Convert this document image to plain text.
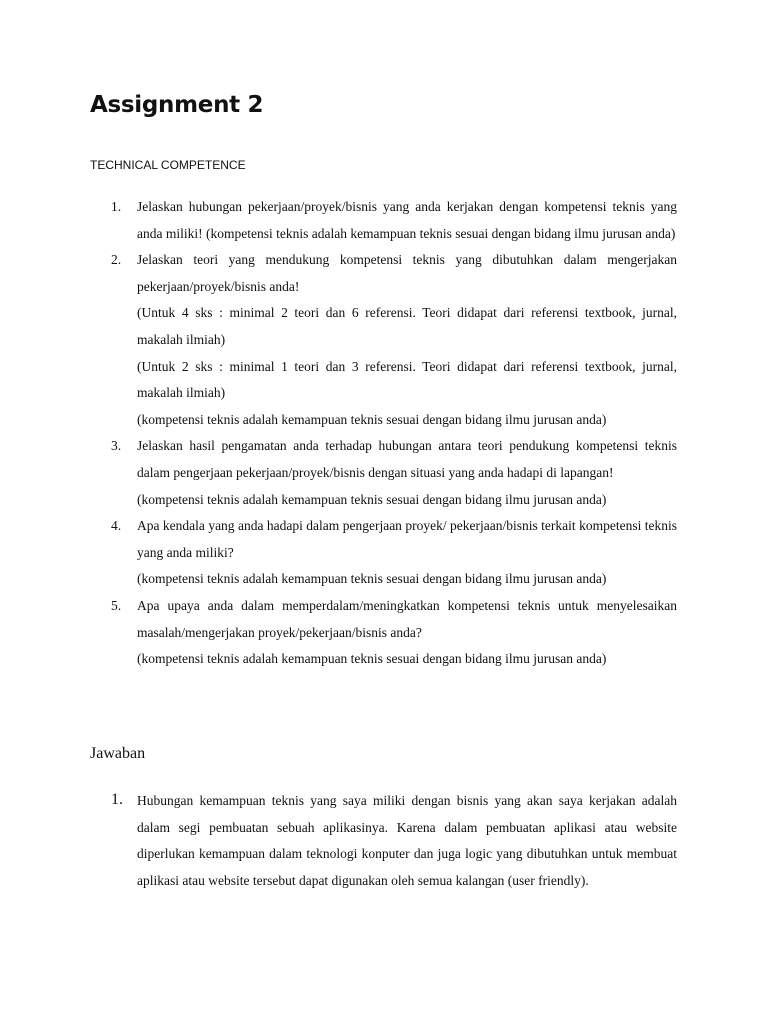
Assignment 2
TECHNICAL COMPETENCE
1. Jelaskan hubungan pekerjaan/proyek/bisnis yang anda kerjakan dengan kompetensi teknis yang anda miliki! (kompetensi teknis adalah kemampuan teknis sesuai dengan bidang ilmu jurusan anda)
2. Jelaskan teori yang mendukung kompetensi teknis yang dibutuhkan dalam mengerjakan pekerjaan/proyek/bisnis anda!
(Untuk 4 sks : minimal 2 teori dan 6 referensi. Teori didapat dari referensi textbook, jurnal, makalah ilmiah)
(Untuk 2 sks : minimal 1 teori dan 3 referensi. Teori didapat dari referensi textbook, jurnal, makalah ilmiah)
(kompetensi teknis adalah kemampuan teknis sesuai dengan bidang ilmu jurusan anda)
3. Jelaskan hasil pengamatan anda terhadap hubungan antara teori pendukung kompetensi teknis dalam pengerjaan pekerjaan/proyek/bisnis dengan situasi yang anda hadapi di lapangan!
(kompetensi teknis adalah kemampuan teknis sesuai dengan bidang ilmu jurusan anda)
4. Apa kendala yang anda hadapi dalam pengerjaan proyek/ pekerjaan/bisnis terkait kompetensi teknis yang anda miliki?
(kompetensi teknis adalah kemampuan teknis sesuai dengan bidang ilmu jurusan anda)
5. Apa upaya anda dalam memperdalam/meningkatkan kompetensi teknis untuk menyelesaikan masalah/mengerjakan proyek/pekerjaan/bisnis anda?
(kompetensi teknis adalah kemampuan teknis sesuai dengan bidang ilmu jurusan anda)
Jawaban
1. Hubungan kemampuan teknis yang saya miliki dengan bisnis yang akan saya kerjakan adalah dalam segi pembuatan sebuah aplikasinya. Karena dalam pembuatan aplikasi atau website diperlukan kemampuan dalam teknologi konputer dan juga logic yang dibutuhkan untuk membuat aplikasi atau website tersebut dapat digunakan oleh semua kalangan (user friendly).
